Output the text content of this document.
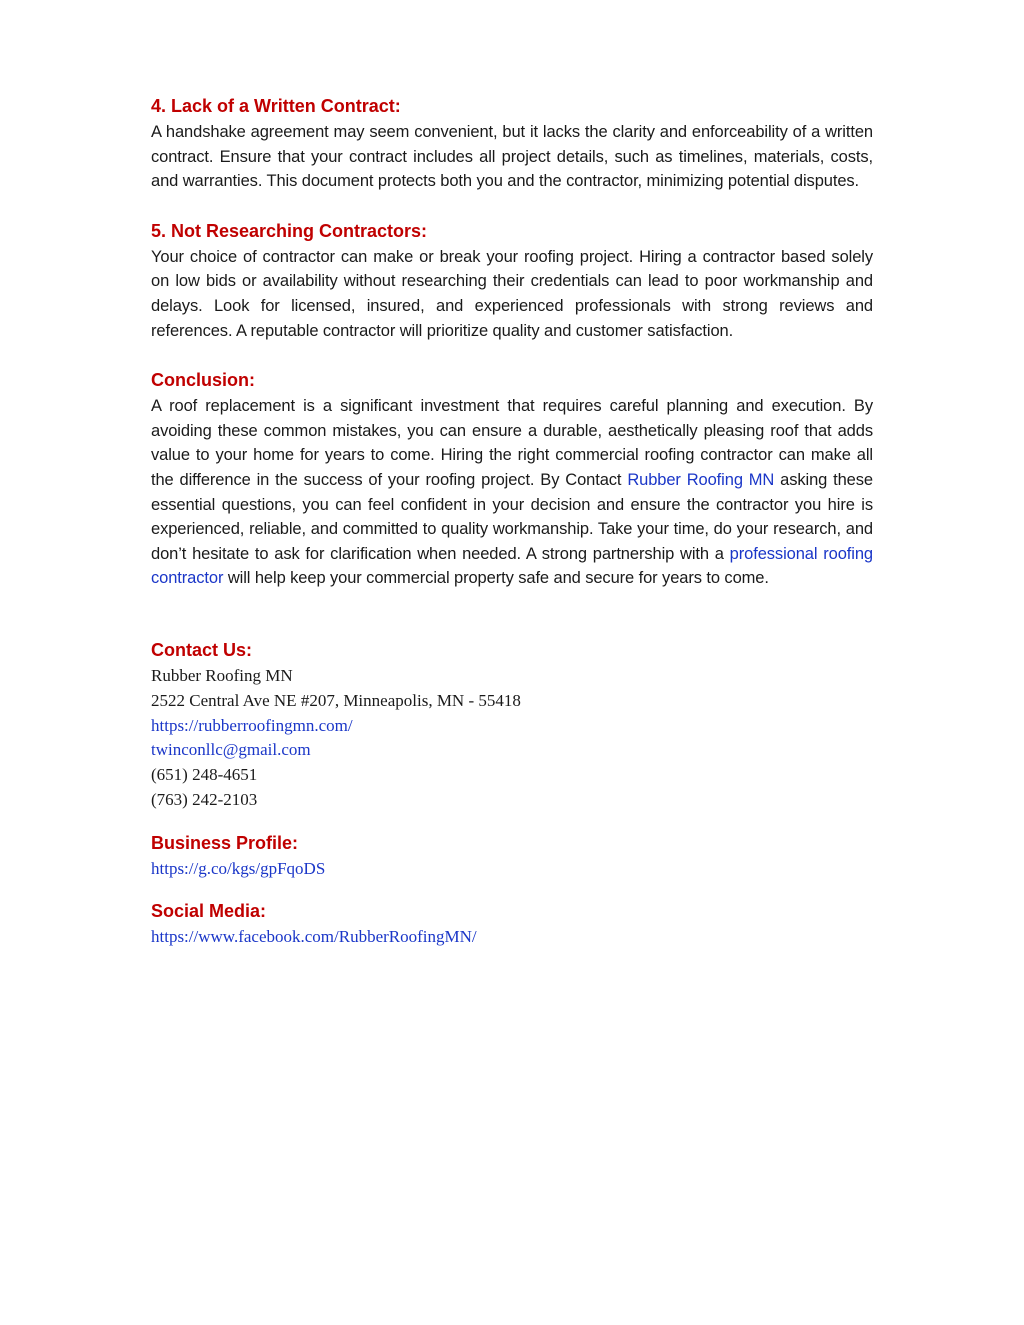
4. Lack of a Written Contract:

A handshake agreement may seem convenient, but it lacks the clarity and enforceability of a written contract. Ensure that your contract includes all project details, such as timelines, materials, costs, and warranties. This document protects both you and the contractor, minimizing potential disputes.

5. Not Researching Contractors:

Your choice of contractor can make or break your roofing project. Hiring a contractor based solely on low bids or availability without researching their credentials can lead to poor workmanship and delays. Look for licensed, insured, and experienced professionals with strong reviews and references. A reputable contractor will prioritize quality and customer satisfaction.

Conclusion:

A roof replacement is a significant investment that requires careful planning and execution. By avoiding these common mistakes, you can ensure a durable, aesthetically pleasing roof that adds value to your home for years to come. Hiring the right commercial roofing contractor can make all the difference in the success of your roofing project. By Contact Rubber Roofing MN asking these essential questions, you can feel confident in your decision and ensure the contractor you hire is experienced, reliable, and committed to quality workmanship. Take your time, do your research, and don’t hesitate to ask for clarification when needed. A strong partnership with a professional roofing contractor will help keep your commercial property safe and secure for years to come.

Contact Us:

Rubber Roofing MN

2522 Central Ave NE #207, Minneapolis, MN - 55418

https://rubberroofingmn.com/

twinconllc@gmail.com

(651) 248-4651

(763) 242-2103

Business Profile:

https://g.co/kgs/gpFqoDS

Social Media:

https://www.facebook.com/RubberRoofingMN/
